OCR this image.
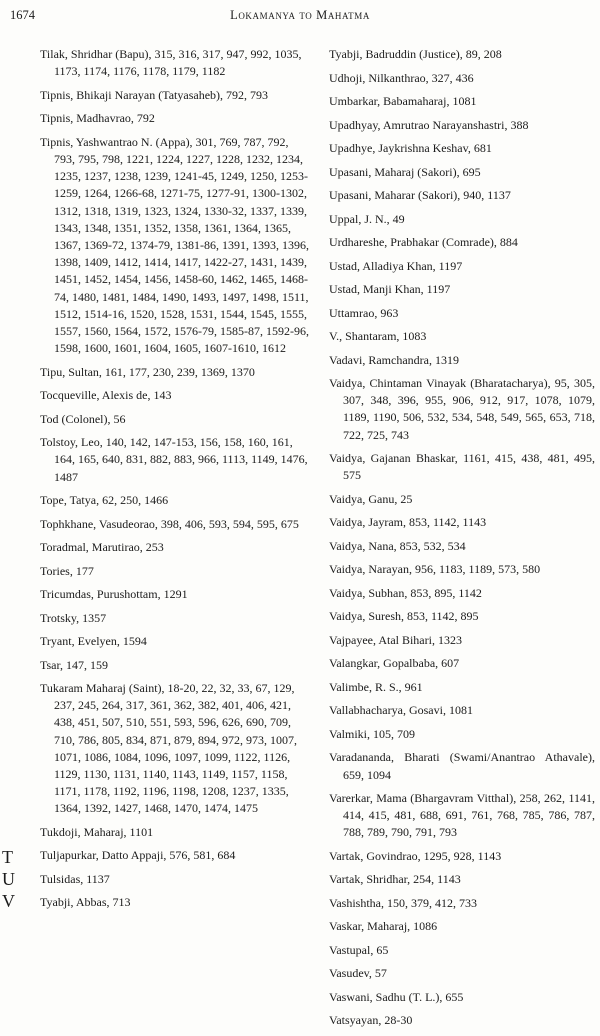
1674	Lokamanya to Mahatma
Tilak, Shridhar (Bapu), 315, 316, 317, 947, 992, 1035, 1173, 1174, 1176, 1178, 1179, 1182
Tipnis, Bhikaji Narayan (Tatyasaheb), 792, 793
Tipnis, Madhavrao, 792
Tipnis, Yashwantrao N. (Appa), 301, 769, 787, 792, 793, 795, 798, 1221, 1224, 1227, 1228, 1232, 1234, 1235, 1237, 1238, 1239, 1241-45, 1249, 1250, 1253-1259, 1264, 1266-68, 1271-75, 1277-91, 1300-1302, 1312, 1318, 1319, 1323, 1324, 1330-32, 1337, 1339, 1343, 1348, 1351, 1352, 1358, 1361, 1364, 1365, 1367, 1369-72, 1374-79, 1381-86, 1391, 1393, 1396, 1398, 1409, 1412, 1414, 1417, 1422-27, 1431, 1439, 1451, 1452, 1454, 1456, 1458-60, 1462, 1465, 1468-74, 1480, 1481, 1484, 1490, 1493, 1497, 1498, 1511, 1512, 1514-16, 1520, 1528, 1531, 1544, 1545, 1555, 1557, 1560, 1564, 1572, 1576-79, 1585-87, 1592-96, 1598, 1600, 1601, 1604, 1605, 1607-1610, 1612
Tipu, Sultan, 161, 177, 230, 239, 1369, 1370
Tocqueville, Alexis de, 143
Tod (Colonel), 56
Tolstoy, Leo, 140, 142, 147-153, 156, 158, 160, 161, 164, 165, 640, 831, 882, 883, 966, 1113, 1149, 1476, 1487
Tope, Tatya, 62, 250, 1466
Tophkhane, Vasudeorao, 398, 406, 593, 594, 595, 675
Toradmal, Marutirao, 253
Tories, 177
Tricumdas, Purushottam, 1291
Trotsky, 1357
Tryant, Evelyen, 1594
Tsar, 147, 159
Tukaram Maharaj (Saint), 18-20, 22, 32, 33, 67, 129, 237, 245, 264, 317, 361, 362, 382, 401, 406, 421, 438, 451, 507, 510, 551, 593, 596, 626, 690, 709, 710, 786, 805, 834, 871, 879, 894, 972, 973, 1007, 1071, 1086, 1084, 1096, 1097, 1099, 1122, 1126, 1129, 1130, 1131, 1140, 1143, 1149, 1157, 1158, 1171, 1178, 1192, 1196, 1198, 1208, 1237, 1335, 1364, 1392, 1427, 1468, 1470, 1474, 1475
Tukdoji, Maharaj, 1101
Tuljapurkar, Datto Appaji, 576, 581, 684
Tulsidas, 1137
Tyabji, Abbas, 713
Tyabji, Badruddin (Justice), 89, 208
Udhoji, Nilkanthrao, 327, 436
Umbarkar, Babamaharaj, 1081
Upadhyay, Amrutrao Narayanshastri, 388
Upadhye, Jaykrishna Keshav, 681
Upasani, Maharaj (Sakori), 695
Upasani, Maharar (Sakori), 940, 1137
Uppal, J. N., 49
Urdhareshe, Prabhakar (Comrade), 884
Ustad, Alladiya Khan, 1197
Ustad, Manji Khan, 1197
Uttamrao, 963
V., Shantaram, 1083
Vadavi, Ramchandra, 1319
Vaidya, Chintaman Vinayak (Bharatacharya), 95, 305, 307, 348, 396, 955, 906, 912, 917, 1078, 1079, 1189, 1190, 506, 532, 534, 548, 549, 565, 653, 718, 722, 725, 743
Vaidya, Gajanan Bhaskar, 1161, 415, 438, 481, 495, 575
Vaidya, Ganu, 25
Vaidya, Jayram, 853, 1142, 1143
Vaidya, Nana, 853, 532, 534
Vaidya, Narayan, 956, 1183, 1189, 573, 580
Vaidya, Subhan, 853, 895, 1142
Vaidya, Suresh, 853, 1142, 895
Vajpayee, Atal Bihari, 1323
Valangkar, Gopalbaba, 607
Valimbe, R. S., 961
Vallabhacharya, Gosavi, 1081
Valmiki, 105, 709
Varadananda, Bharati (Swami/Anantrao Athavale), 659, 1094
Varerkar, Mama (Bhargavram Vitthal), 258, 262, 1141, 414, 415, 481, 688, 691, 761, 768, 785, 786, 787, 788, 789, 790, 791, 793
Vartak, Govindrao, 1295, 928, 1143
Vartak, Shridhar, 254, 1143
Vashishtha, 150, 379, 412, 733
Vaskar, Maharaj, 1086
Vastupal, 65
Vasudev, 57
Vaswani, Sadhu (T. L.), 655
Vatsyayan, 28-30
T
U
V
